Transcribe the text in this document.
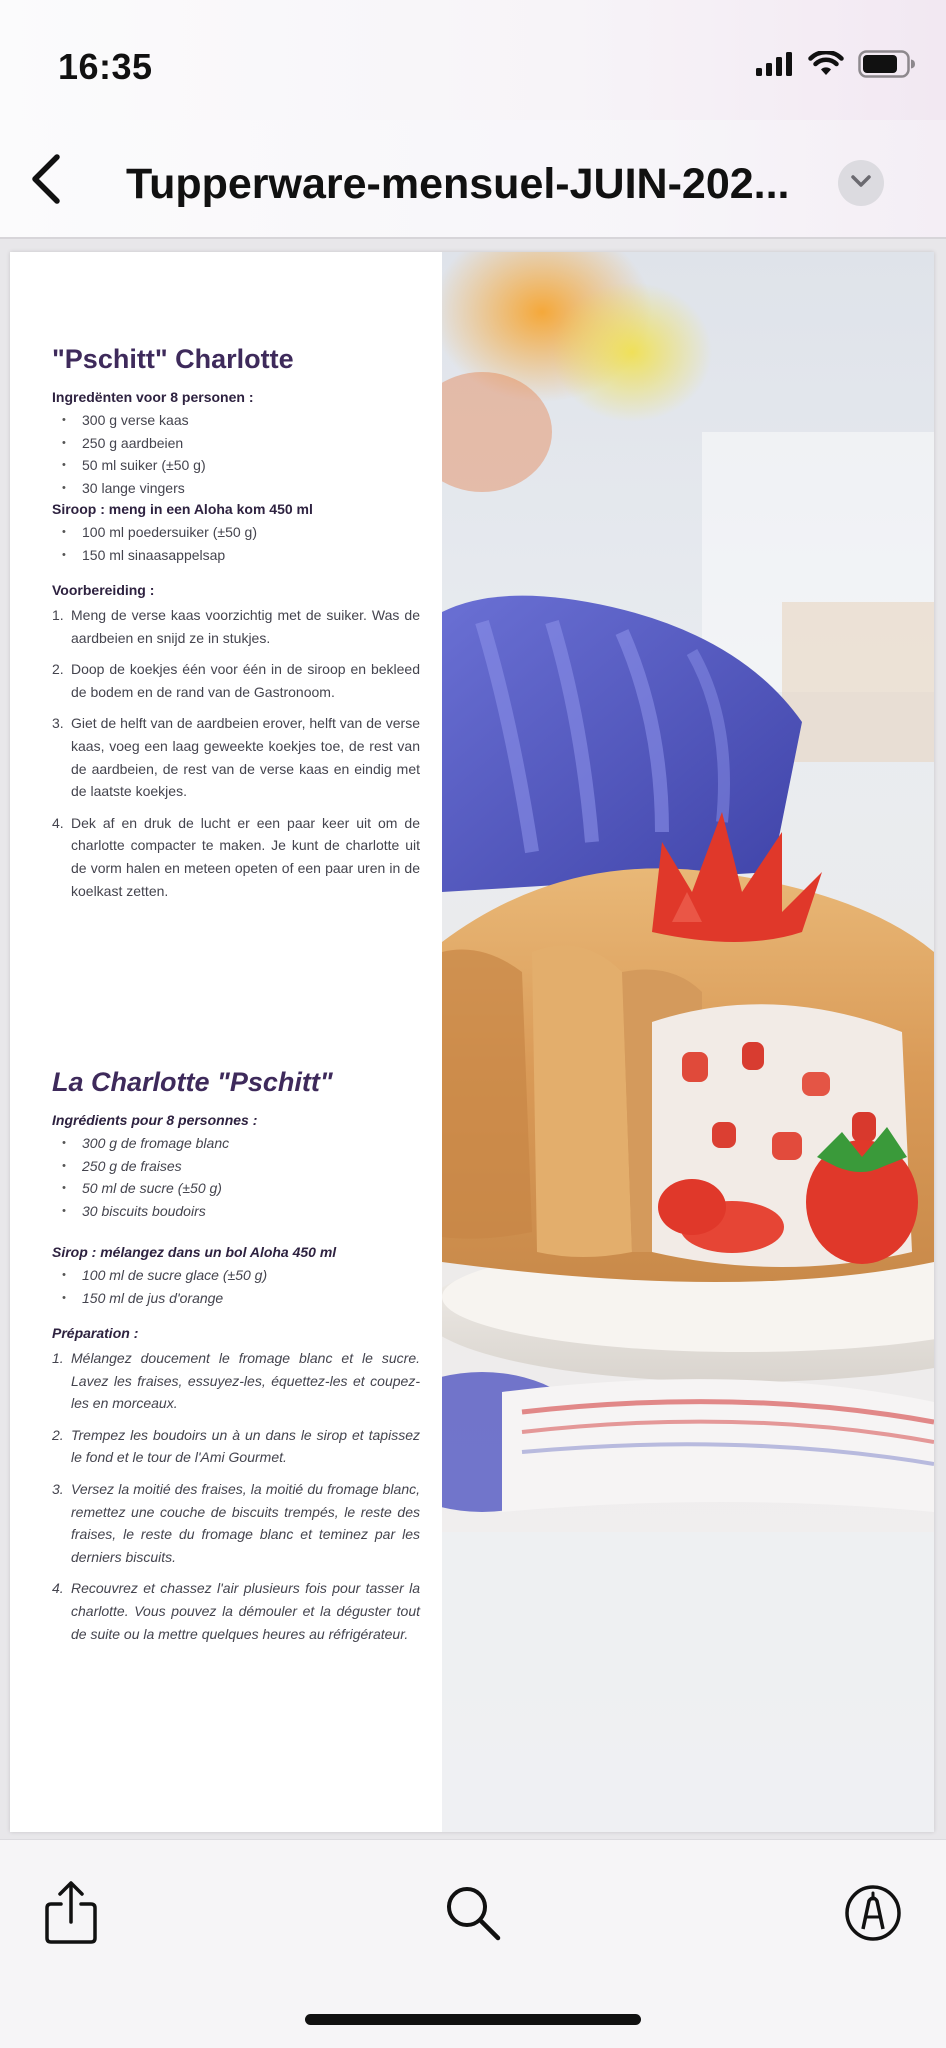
16:35
Tupperware-mensuel-JUIN-202...
"Pschitt" Charlotte
Ingredënten voor 8 personen :
• 300 g verse kaas
• 250 g aardbeien
• 50 ml suiker (±50 g)
• 30 lange vingers
Siroop : meng in een Aloha kom 450 ml
• 100 ml poedersuiker (±50 g)
• 150 ml sinaasappelsap
Voorbereiding :
1. Meng de verse kaas voorzichtig met de suiker. Was de aardbeien en snijd ze in stukjes.
2. Doop de koekjes één voor één in de siroop en bekleed de bodem en de rand van de Gastronoom.
3. Giet de helft van de aardbeien erover, helft van de verse kaas, voeg een laag geweekte koekjes toe, de rest van de aardbeien, de rest van de verse kaas en eindig met de laatste koekjes.
4. Dek af en druk de lucht er een paar keer uit om de charlotte compacter te maken. Je kunt de charlotte uit de vorm halen en meteen opeten of een paar uren in de koelkast zetten.
La Charlotte "Pschitt"
Ingrédients pour 8 personnes :
• 300 g de fromage blanc
• 250 g de fraises
• 50 ml de sucre (±50 g)
• 30 biscuits boudoirs
Sirop : mélangez dans un bol Aloha 450 ml
• 100 ml de sucre glace (±50 g)
• 150 ml de jus d'orange
Préparation :
1. Mélangez doucement le fromage blanc et le sucre. Lavez les fraises, essuyez-les, équettez-les et coupez-les en morceaux.
2. Trempez les boudoirs un à un dans le sirop et tapissez le fond et le tour de l'Ami Gourmet.
3. Versez la moitié des fraises, la moitié du fromage blanc, remettez une couche de biscuits trempés, le reste des fraises, le reste du fromage blanc et teminez par les derniers biscuits.
4. Recouvrez et chassez l'air plusieurs fois pour tasser la charlotte. Vous pouvez la démouler et la déguster tout de suite ou la mettre quelques heures au réfrigérateur.
